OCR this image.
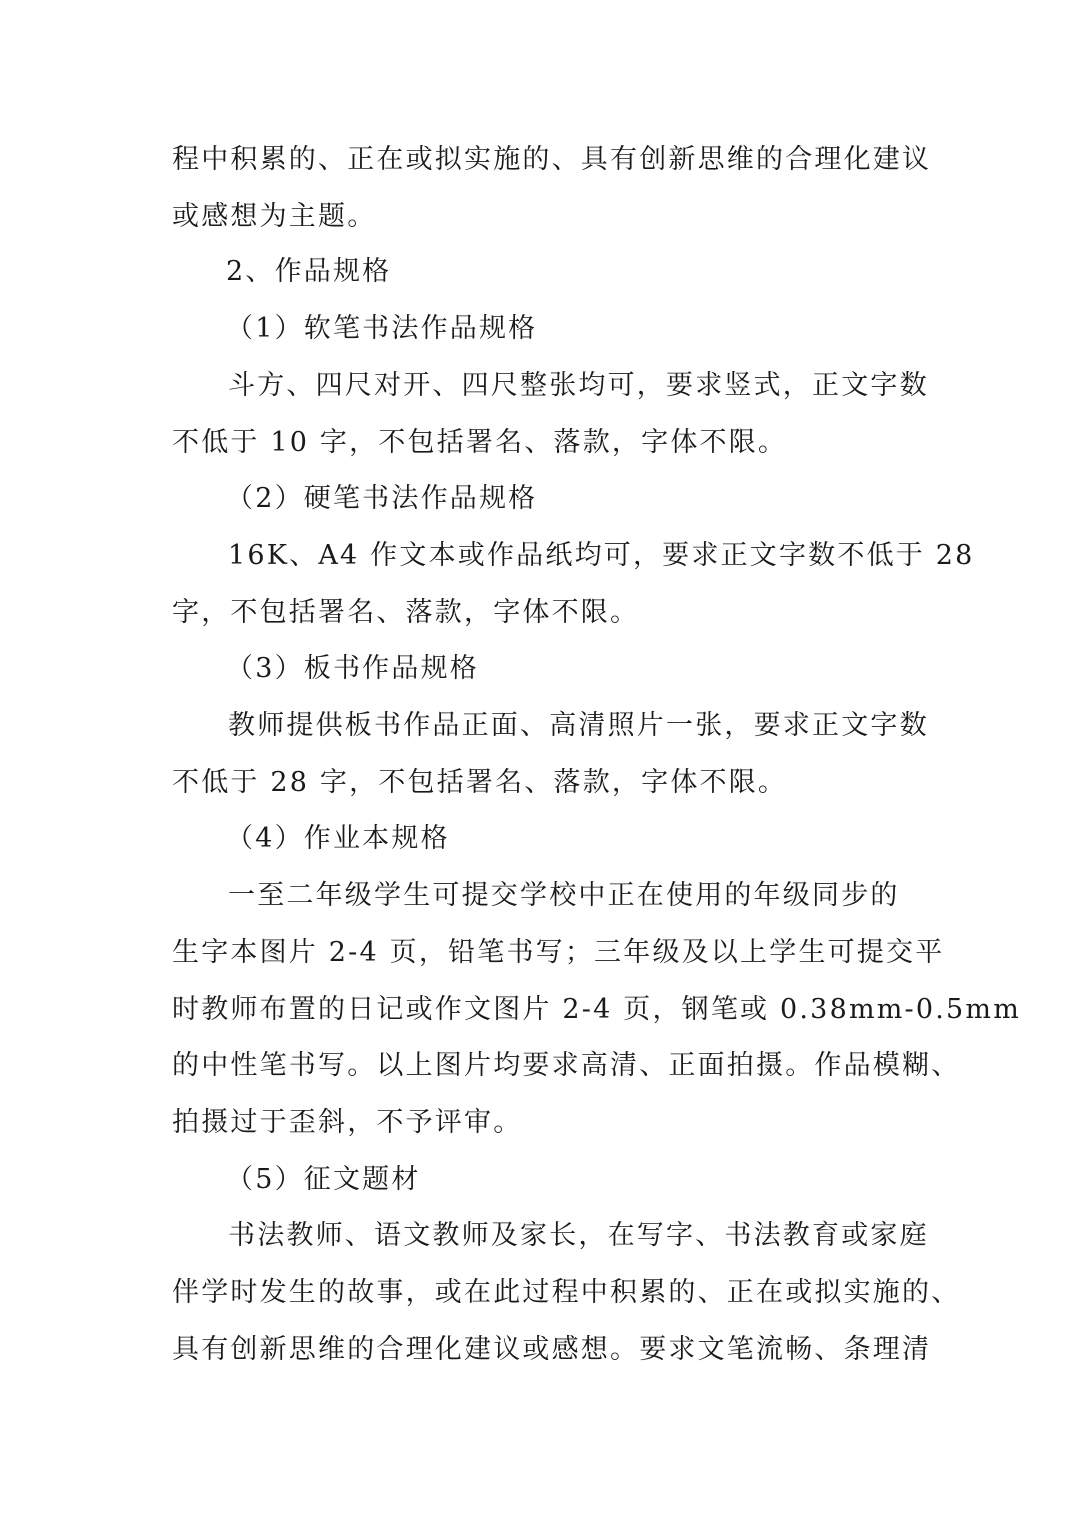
程中积累的、正在或拟实施的、具有创新思维的合理化建议
或感想为主题。
2、作品规格
（1）软笔书法作品规格
斗方、四尺对开、四尺整张均可，要求竖式，正文字数
不低于 10 字，不包括署名、落款，字体不限。
（2）硬笔书法作品规格
16K、A4 作文本或作品纸均可，要求正文字数不低于 28
字，不包括署名、落款，字体不限。
（3）板书作品规格
教师提供板书作品正面、高清照片一张，要求正文字数
不低于 28 字，不包括署名、落款，字体不限。
（4）作业本规格
一至二年级学生可提交学校中正在使用的年级同步的
生字本图片 2-4 页，铅笔书写；三年级及以上学生可提交平
时教师布置的日记或作文图片 2-4 页，钢笔或 0.38mm-0.5mm
的中性笔书写。以上图片均要求高清、正面拍摄。作品模糊、
拍摄过于歪斜，不予评审。
（5）征文题材
书法教师、语文教师及家长，在写字、书法教育或家庭
伴学时发生的故事，或在此过程中积累的、正在或拟实施的、
具有创新思维的合理化建议或感想。要求文笔流畅、条理清
